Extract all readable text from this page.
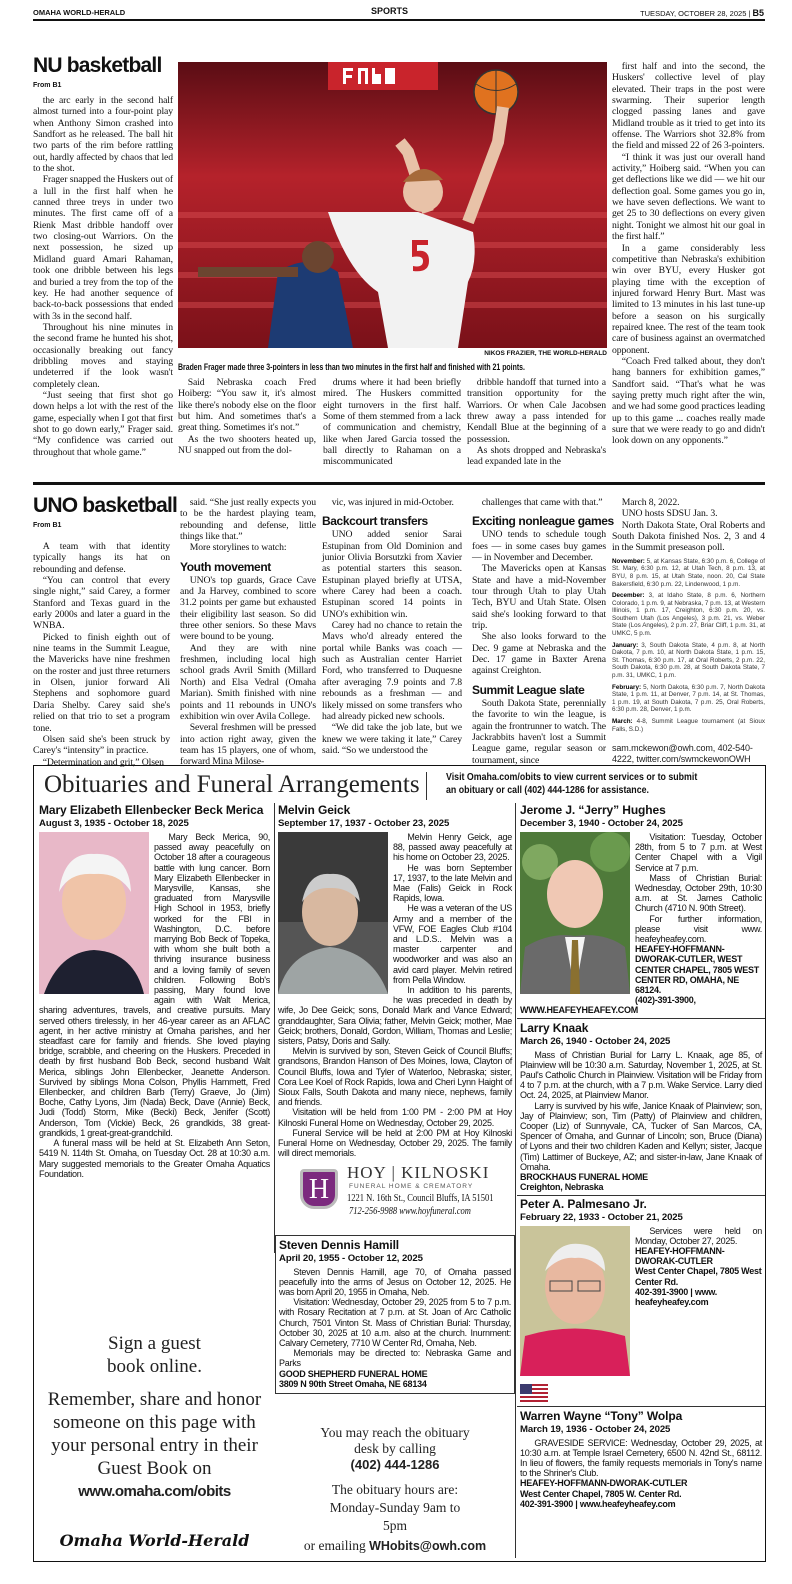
OMAHA WORLD-HERALD	SPORTS	TUESDAY, OCTOBER 28, 2025 | B5
NU basketball
From B1

the arc early in the second half almost turned into a four-point play when Anthony Simon crashed into Sandfort as he released. The ball hit two parts of the rim before rattling out, hardly affected by chaos that led to the shot.

Frager snapped the Huskers out of a lull in the first half when he canned three treys in under two minutes. The first came off of a Rienk Mast dribble handoff over two closing-out Warriors. On the next possession, he sized up Midland guard Amari Rahaman, took one dribble between his legs and buried a trey from the top of the key. He had another sequence of back-to-back possessions that ended with 3s in the second half.

Throughout his nine minutes in the second frame he hunted his shot, occasionally breaking out fancy dribbling moves and staying undeterred if the look wasn't completely clean.

“Just seeing that first shot go down helps a lot with the rest of the game, especially when I got that first shot to go down early,” Frager said. “My confidence was carried out throughout that whole game.”

NIKOS FRAZIER, THE WORLD-HERALD
Braden Frager made three 3-pointers in less than two minutes in the first half and finished with 21 points.

Said Nebraska coach Fred Hoiberg: “You saw it, it's almost like there's nobody else on the floor but him. And sometimes that's a great thing. Sometimes it's not.”

As the two shooters heated up, NU snapped out from the dol-

drums where it had been briefly mired. The Huskers committed eight turnovers in the first half. Some of them stemmed from a lack of communication and chemistry, like when Jared Garcia tossed the ball directly to Rahaman on a miscommunicated

dribble handoff that turned into a transition opportunity for the Warriors. Or when Cale Jacobsen threw away a pass intended for Kendall Blue at the beginning of a possession.

As shots dropped and Nebraska's lead expanded late in the

first half and into the second, the Huskers' collective level of play elevated. Their traps in the post were swarming. Their superior length clogged passing lanes and gave Midland trouble as it tried to get into its offense. The Warriors shot 32.8% from the field and missed 22 of 26 3-pointers.

“I think it was just our overall hand activity,” Hoiberg said. “When you can get deflections like we did — we hit our deflection goal. Some games you go in, we have seven deflections. We want to get 25 to 30 deflections on every given night. Tonight we almost hit our goal in the first half.”

In a game considerably less competitive than Nebraska's exhibition win over BYU, every Husker got playing time with the exception of injured forward Henry Burt. Mast was limited to 13 minutes in his last tune-up before a season on his surgically repaired knee. The rest of the team took care of business against an overmatched opponent.

“Coach Fred talked about, they don't hang banners for exhibition games,” Sandfort said. “That's what he was saying pretty much right after the win, and we had some good practices leading up to this game ... coaches really made sure that we were ready to go and didn't look down on any opponents.”

UNO basketball
From B1

A team with that identity typically hangs its hat on rebounding and defense.

“You can control that every single night,” said Carey, a former Stanford and Texas guard in the early 2000s and later a guard in the WNBA.

Picked to finish eighth out of nine teams in the Summit League, the Mavericks have nine freshmen on the roster and just three returners in Olsen, junior forward Ali Stephens and sophomore guard Daria Shelby. Carey said she's relied on that trio to set a program tone.

Olsen said she's been struck by Carey's “intensity” in practice.

“Determination and grit,” Olsen

said. “She just really expects you to be the hardest playing team, rebounding and defense, little things like that.”

More storylines to watch:

Youth movement

UNO's top guards, Grace Cave and Ja Harvey, combined to score 31.2 points per game but exhausted their eligibility last season. So did three other seniors. So these Mavs were bound to be young.

And they are with nine freshmen, including local high school grads Avril Smith (Millard North) and Elsa Vedral (Omaha Marian). Smith finished with nine points and 11 rebounds in UNO's exhibition win over Avila College.

Several freshmen will be pressed into action right away, given the team has 15 players, one of whom, forward Mina Milose-

vic, was injured in mid-October.

Backcourt transfers

UNO added senior Sarai Estupinan from Old Dominion and junior Olivia Borsutzki from Xavier as potential starters this season. Estupinan played briefly at UTSA, where Carey had been a coach. Estupinan scored 14 points in UNO's exhibition win.

Carey had no chance to retain the Mavs who'd already entered the portal while Banks was coach — such as Australian center Harriet Ford, who transferred to Duquesne after averaging 7.9 points and 7.8 rebounds as a freshman — and likely missed on some transfers who had already picked new schools.

“We did take the job late, but we knew we were taking it late,” Carey said. “So we understood the

challenges that came with that.”

Exciting nonleague games

UNO tends to schedule tough foes — in some cases buy games — in November and December.

The Mavericks open at Kansas State and have a mid-November tour through Utah to play Utah Tech, BYU and Utah State. Olsen said she's looking forward to that trip.

She also looks forward to the Dec. 9 game at Nebraska and the Dec. 17 game in Baxter Arena against Creighton.

Summit League slate

South Dakota State, perennially the favorite to win the league, is again the frontrunner to watch. The Jackrabbits haven't lost a Summit League game, regular season or tournament, since

March 8, 2022.

UNO hosts SDSU Jan. 3.

North Dakota State, Oral Roberts and South Dakota finished Nos. 2, 3 and 4 in the Summit preseason poll.

November: 5, at Kansas State, 6:30 p.m. 6, College of St. Mary, 6:30 p.m. 12, at Utah Tech, 8 p.m. 13, at BYU, 8 p.m. 15, at Utah State, noon. 20, Cal State Bakersfield, 6:30 p.m. 22, Lindenwood, 1 p.m.

December: 3, at Idaho State, 8 p.m. 6, Northern Colorado, 1 p.m. 9, at Nebraska, 7 p.m. 13, at Western Illinois, 1 p.m. 17, Creighton, 6:30 p.m. 20, vs. Southern Utah (Los Angeles), 3 p.m. 21, vs. Weber State (Los Angeles), 2 p.m. 27, Briar Cliff, 1 p.m. 31, at UMKC, 5 p.m.

January: 3, South Dakota State, 4 p.m. 8, at North Dakota, 7 p.m. 10, at North Dakota State, 1 p.m. 15, St. Thomas, 6:30 p.m. 17, at Oral Roberts, 2 p.m. 22, South Dakota, 6:30 p.m. 28, at South Dakota State, 7 p.m. 31, UMKC, 1 p.m.

February: 5, North Dakota, 6:30 p.m. 7, North Dakota State, 1 p.m. 11, at Denver, 7 p.m. 14, at St. Thomas, 1 p.m. 19, at South Dakota, 7 p.m. 25, Oral Roberts, 6:30 p.m. 28, Denver, 1 p.m.

March: 4-8, Summit League tournament (at Sioux Falls, S.D.)

sam.mckewon@owh.com, 402-540-4222, twitter.com/swmckewonOWH

Obituaries and Funeral Arrangements	Visit Omaha.com/obits to view current services or to submit
an obituary or call (402) 444-1286 for assistance.
Mary Elizabeth Ellenbecker Beck Merica
August 3, 1935 - October 18, 2025

Mary Beck Merica, 90, passed away peacefully on October 18 after a courageous battle with lung cancer. Born Mary Elizabeth Ellenbecker in Marysville, Kansas, she graduated from Marysville High School in 1953, briefly worked for the FBI in Washington, D.C. before marrying Bob Beck of Topeka, with whom she built both a thriving insurance business and a loving family of seven children. Following Bob's passing, Mary found love again with Walt Merica, sharing adventures, travels, and creative pursuits. Mary served others tirelessly, in her 46-year career as an AFLAC agent, in her active ministry at Omaha parishes, and her steadfast care for family and friends. She loved playing bridge, scrabble, and cheering on the Huskers. Preceded in death by first husband Bob Beck, second husband Walt Merica, siblings John Ellenbecker, Jeanette Anderson. Survived by siblings Mona Colson, Phyllis Hammett, Fred Ellenbecker, and children Barb (Terry) Graeve, Jo (Jim) Boche, Cathy Lyons, Jim (Nada) Beck, Dave (Annie) Beck, Judi (Todd) Storm, Mike (Becki) Beck, Jenifer (Scott) Anderson, Tom (Vickie) Beck, 26 grandkids, 38 great-grandkids, 1 great-great-grandchild.

A funeral mass will be held at St. Elizabeth Ann Seton, 5419 N. 114th St. Omaha, on Tuesday Oct. 28 at 10:30 a.m. Mary suggested memorials to the Greater Omaha Aquatics Foundation.

Sign a guest book online.
Remember, share and honor someone on this page with your personal entry in their Guest Book on
www.omaha.com/obits
Omaha World-Herald
Melvin Geick
September 17, 1937 - October 23, 2025

Melvin Henry Geick, age 88, passed away peacefully at his home on October 23, 2025.

He was born September 17, 1937, to the late Melvin and Mae (Falis) Geick in Rock Rapids, Iowa.

He was a veteran of the US Army and a member of the VFW, FOE Eagles Club #104 and L.D.S.. Melvin was a master carpenter and woodworker and was also an avid card player. Melvin retired from Pella Window.

In addition to his parents, he was preceded in death by wife, Jo Dee Geick; sons, Donald Mark and Vance Edward; granddaughter, Sara Olivia; father, Melvin Geick; mother, Mae Geick; brothers, Donald, Gordon, William, Thomas and Leslie; sisters, Patsy, Doris and Sally.

Melvin is survived by son, Steven Geick of Council Bluffs; grandsons, Brandon Hanson of Des Moines, Iowa, Clayton of Council Bluffs, Iowa and Tyler of Waterloo, Nebraska; sister, Cora Lee Koel of Rock Rapids, Iowa and Cheri Lynn Haight of Sioux Falls, South Dakota and many niece, nephews, family and friends.

Visitation will be held from 1:00 PM - 2:00 PM at Hoy Kilnoski Funeral Home on Wednesday, October 29, 2025.

Funeral Service will be held at 2:00 PM at Hoy Kilnoski Funeral Home on Wednesday, October 29, 2025. The family will direct memorials.

H
HOY | KILNOSKI
FUNERAL HOME & CREMATORY
1221 N. 16th St., Council Bluffs, IA 51501
712-256-9988 www.hoyfuneral.com
Steven Dennis Hamill
April 20, 1955 - October 12, 2025

Steven Dennis Hamill, age 70, of Omaha passed peacefully into the arms of Jesus on October 12, 2025. He was born April 20, 1955 in Omaha, Neb.

Visitation: Wednesday, October 29, 2025 from 5 to 7 p.m. with Rosary Recitation at 7 p.m. at St. Joan of Arc Catholic Church, 7501 Vinton St. Mass of Christian Burial: Thursday, October 30, 2025 at 10 a.m. also at the church. Inurnment: Calvary Cemetery, 7710 W Center Rd, Omaha, Neb.

Memorials may be directed to: Nebraska Game and Parks

GOOD SHEPHERD FUNERAL HOME
3809 N 90th Street Omaha, NE 68134
You may reach the obituary desk by calling
(402) 444-1286
The obituary hours are: Monday-Sunday 9am to 5pm
or emailing WHobits@owh.com
Jerome J. “Jerry” Hughes
December 3, 1940 - October 24, 2025

Visitation: Tuesday, October 28th, from 5 to 7 p.m. at West Center Chapel with a Vigil Service at 7 p.m.

Mass of Christian Burial: Wednesday, October 29th, 10:30 a.m. at St. James Catholic Church (4710 N. 90th Street).

For further information, please visit www. heafeyheafey.com.

HEAFEY-HOFFMANN-DWORAK-CUTLER, WEST CENTER CHAPEL, 7805 WEST CENTER RD, OMAHA, NE 68124.
(402)-391-3900, WWW.HEAFEYHEAFEY.COM
Larry Knaak
March 26, 1940 - October 24, 2025

Mass of Christian Burial for Larry L. Knaak, age 85, of Plainview will be 10:30 a.m. Saturday, November 1, 2025, at St. Paul's Catholic Church in Plainview. Visitation will be Friday from 4 to 7 p.m. at the church, with a 7 p.m. Wake Service. Larry died Oct. 24, 2025, at Plainview Manor.

Larry is survived by his wife, Janice Knaak of Plainview; son, Jay of Plainview; son, Tim (Patty) of Plainview and children, Cooper (Liz) of Sunnyvale, CA, Tucker of San Marcos, CA, Spencer of Omaha, and Gunnar of Lincoln; son, Bruce (Diana) of Lyons and their two children Kaden and Kellyn; sister, Jacque (Tim) Lattimer of Buckeye, AZ; and sister-in-law, Jane Knaak of Omaha.

BROCKHAUS FUNERAL HOME
Creighton, Nebraska
Peter A. Palmesano Jr.
February 22, 1933 - October 21, 2025

Services were held on Monday, October 27, 2025.

HEAFEY-HOFFMANN-DWORAK-CUTLER
West Center Chapel, 7805 West Center Rd.
402-391-3900 | www. heafeyheafey.com
Warren Wayne “Tony” Wolpa
March 19, 1936 - October 24, 2025

GRAVESIDE SERVICE: Wednesday, October 29, 2025, at 10:30 a.m. at Temple Israel Cemetery, 6500 N. 42nd St., 68112. In lieu of flowers, the family requests memorials in Tony's name to the Shriner's Club.

HEAFEY-HOFFMANN-DWORAK-CUTLER
West Center Chapel, 7805 W. Center Rd.
402-391-3900 | www.heafeyheafey.com
